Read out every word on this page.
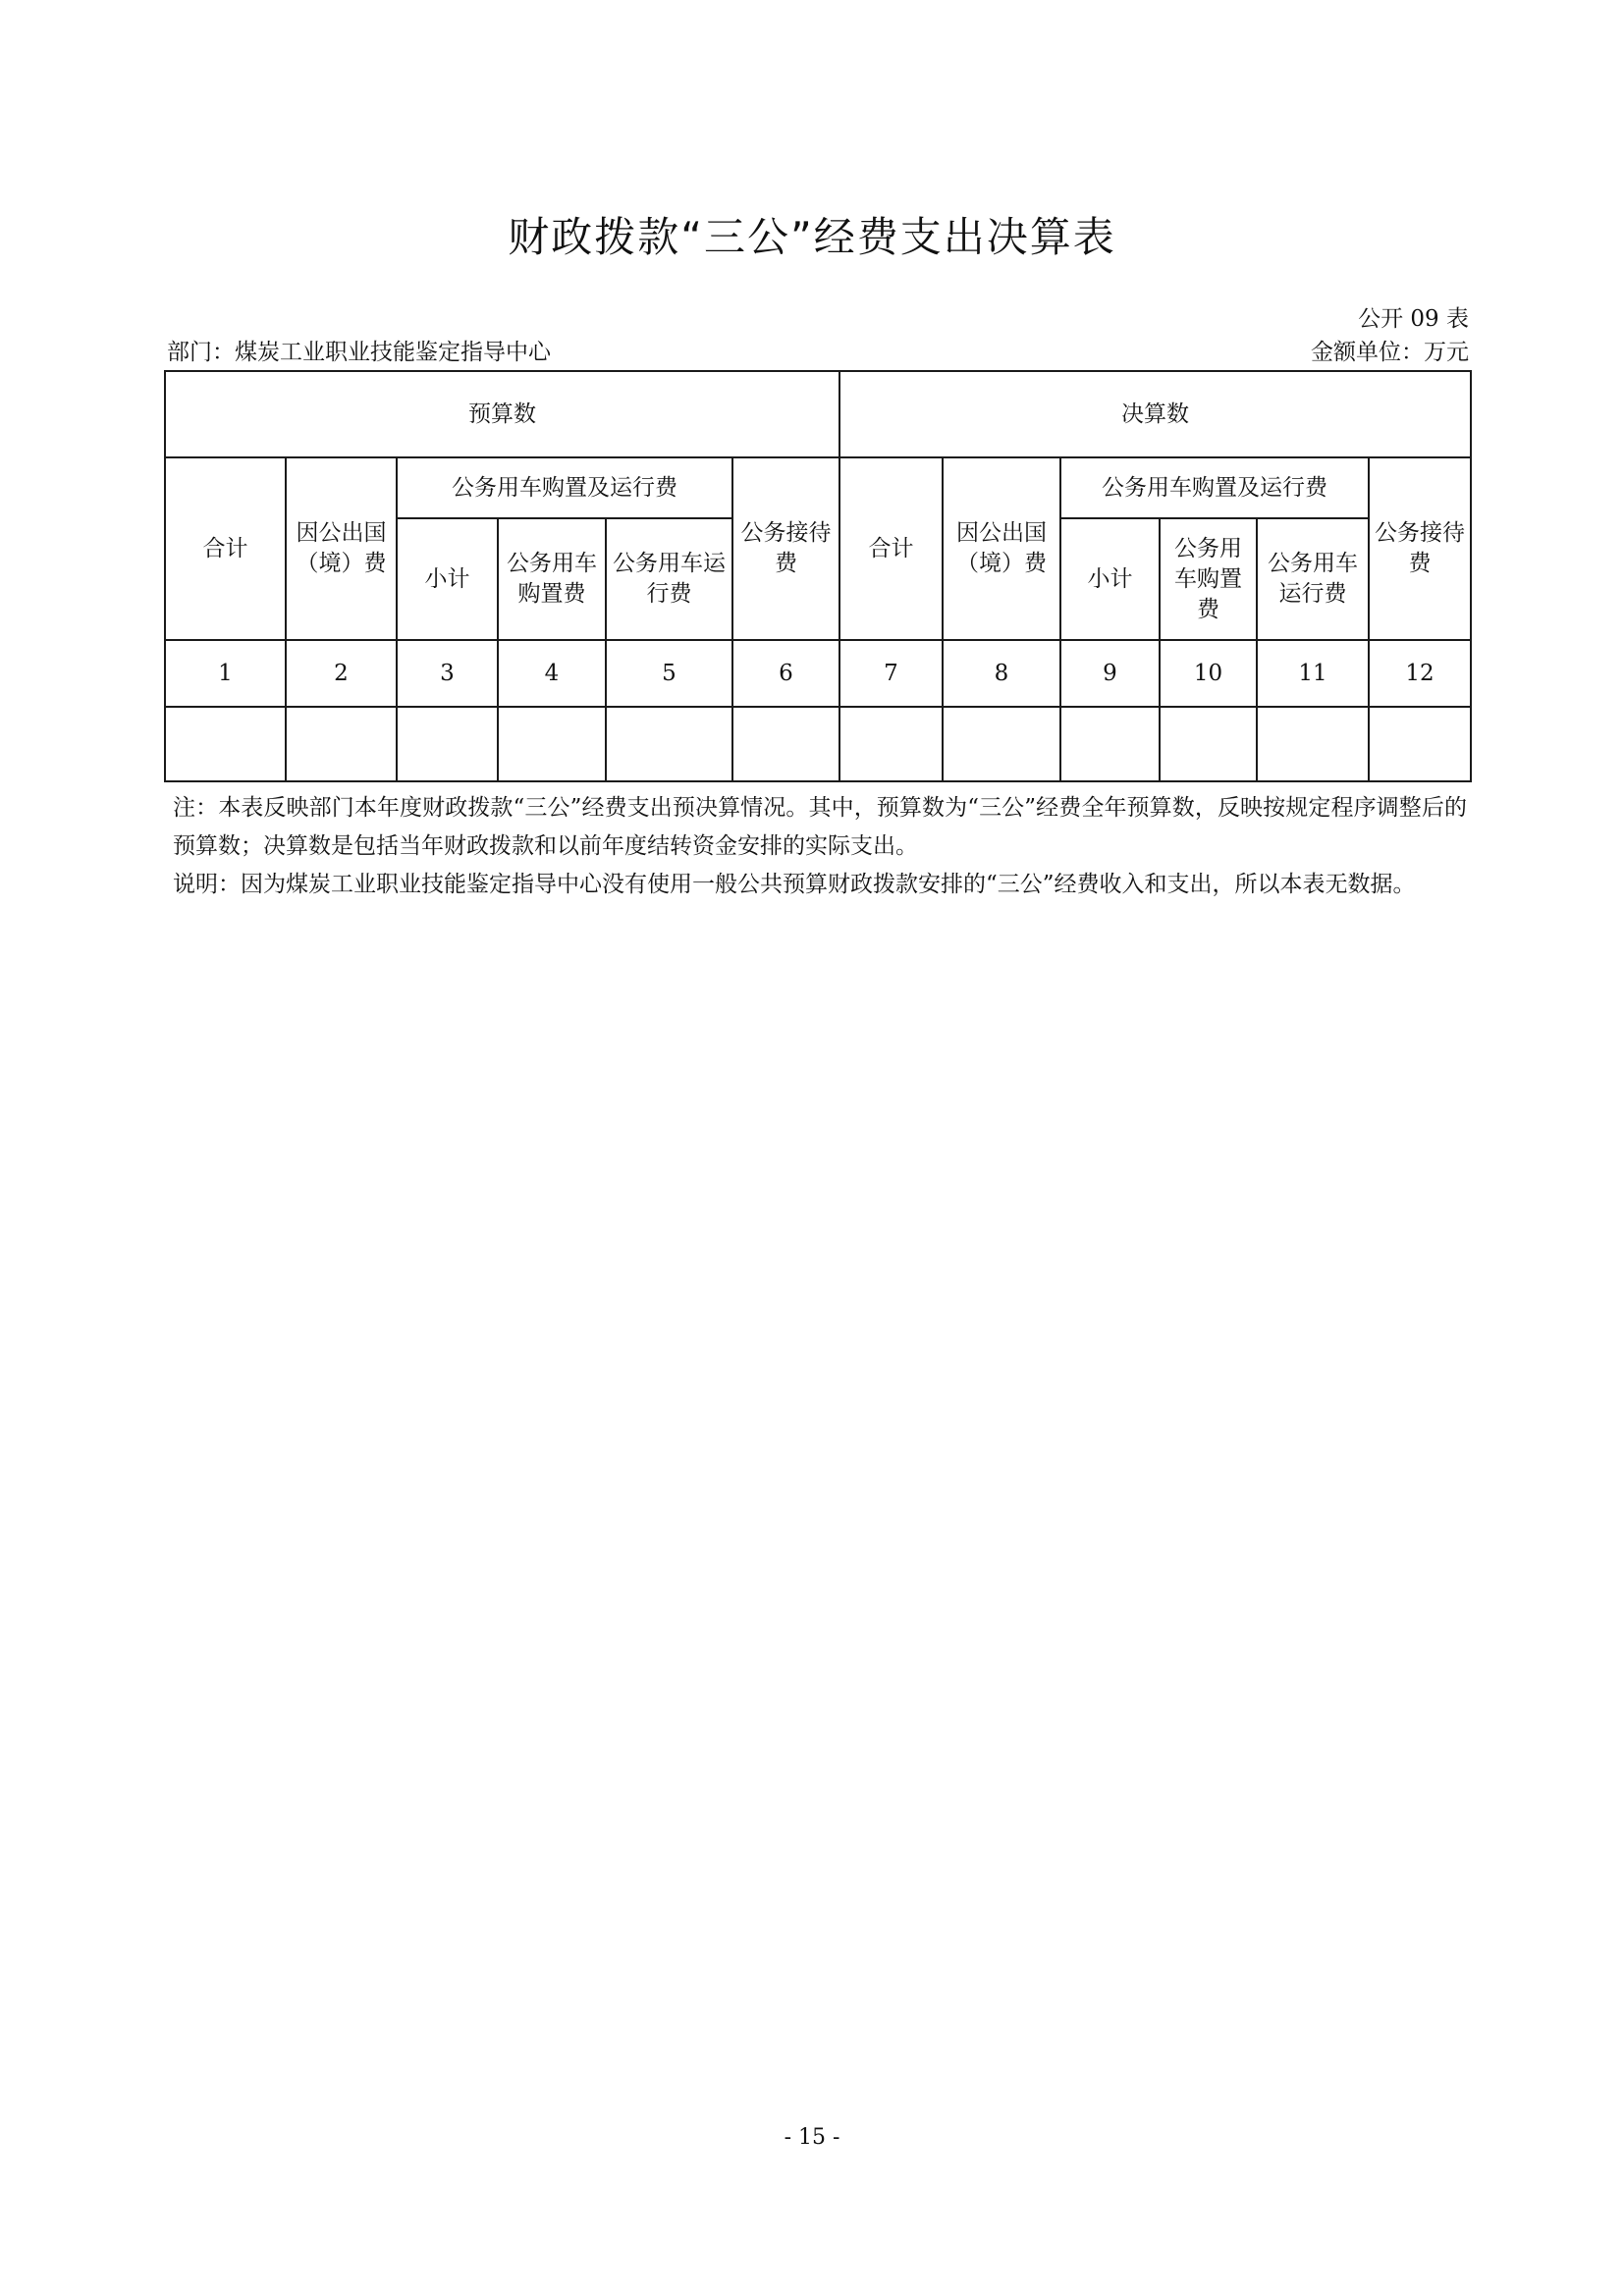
财政拨款“三公”经费支出决算表
公开 09 表
部门：煤炭工业职业技能鉴定指导中心	金额单位：万元
预算数						决算数					
合计	因公出国（境）费	公务用车购置及运行费			公务接待费	合计	因公出国（境）费	公务用车购置及运行费			公务接待费
		小计	公务用车购置费	公务用车运行费				小计	公务用车购置费	公务用车运行费	
1	2	3	4	5	6	7	8	9	10	11	12

注：本表反映部门本年度财政拨款“三公”经费支出预决算情况。其中，预算数为“三公”经费全年预算数，反映按规定程序调整后的预算数；决算数是包括当年财政拨款和以前年度结转资金安排的实际支出。

说明：因为煤炭工业职业技能鉴定指导中心没有使用一般公共预算财政拨款安排的“三公”经费收入和支出，所以本表无数据。

- 15 -
